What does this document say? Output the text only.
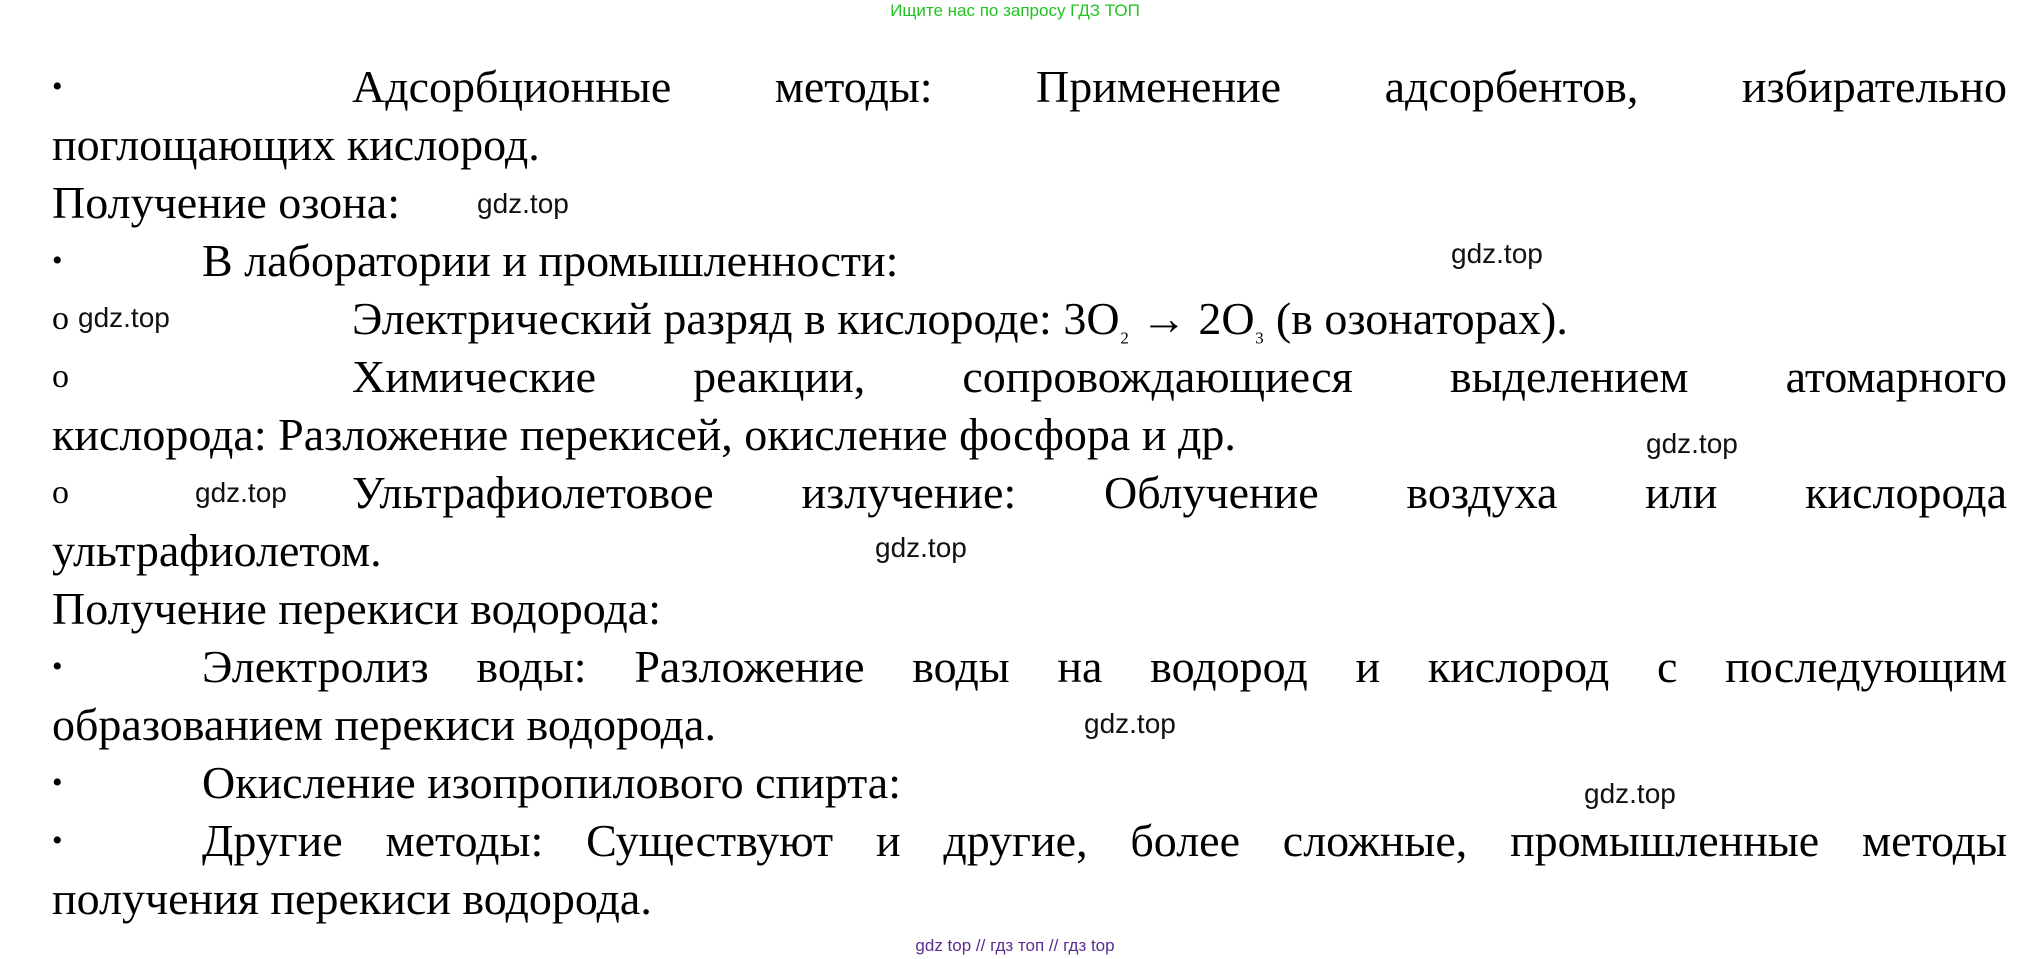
Ищите нас по запросу ГДЗ ТОП
•	Адсорбционные методы: Применение адсорбентов, избирательно
поглощающих кислород.
Получение озона:
•	В лаборатории и промышленности:
o	Электрический разряд в кислороде: 3O₂ → 2O₃ (в озонаторах).
o	Химические реакции, сопровождающиеся выделением атомарного
кислорода: Разложение перекисей, окисление фосфора и др.
o	Ультрафиолетовое излучение: Облучение воздуха или кислорода
ультрафиолетом.
Получение перекиси водорода:
•	Электролиз воды: Разложение воды на водород и кислород с последующим
образованием перекиси водорода.
•	Окисление изопропилового спирта:
•	Другие методы: Существуют и другие, более сложные, промышленные методы
получения перекиси водорода.
gdz.top
gdz.top
gdz.top
gdz.top
gdz.top
gdz.top
gdz.top
gdz.top
gdz top // гдз топ // гдз top
